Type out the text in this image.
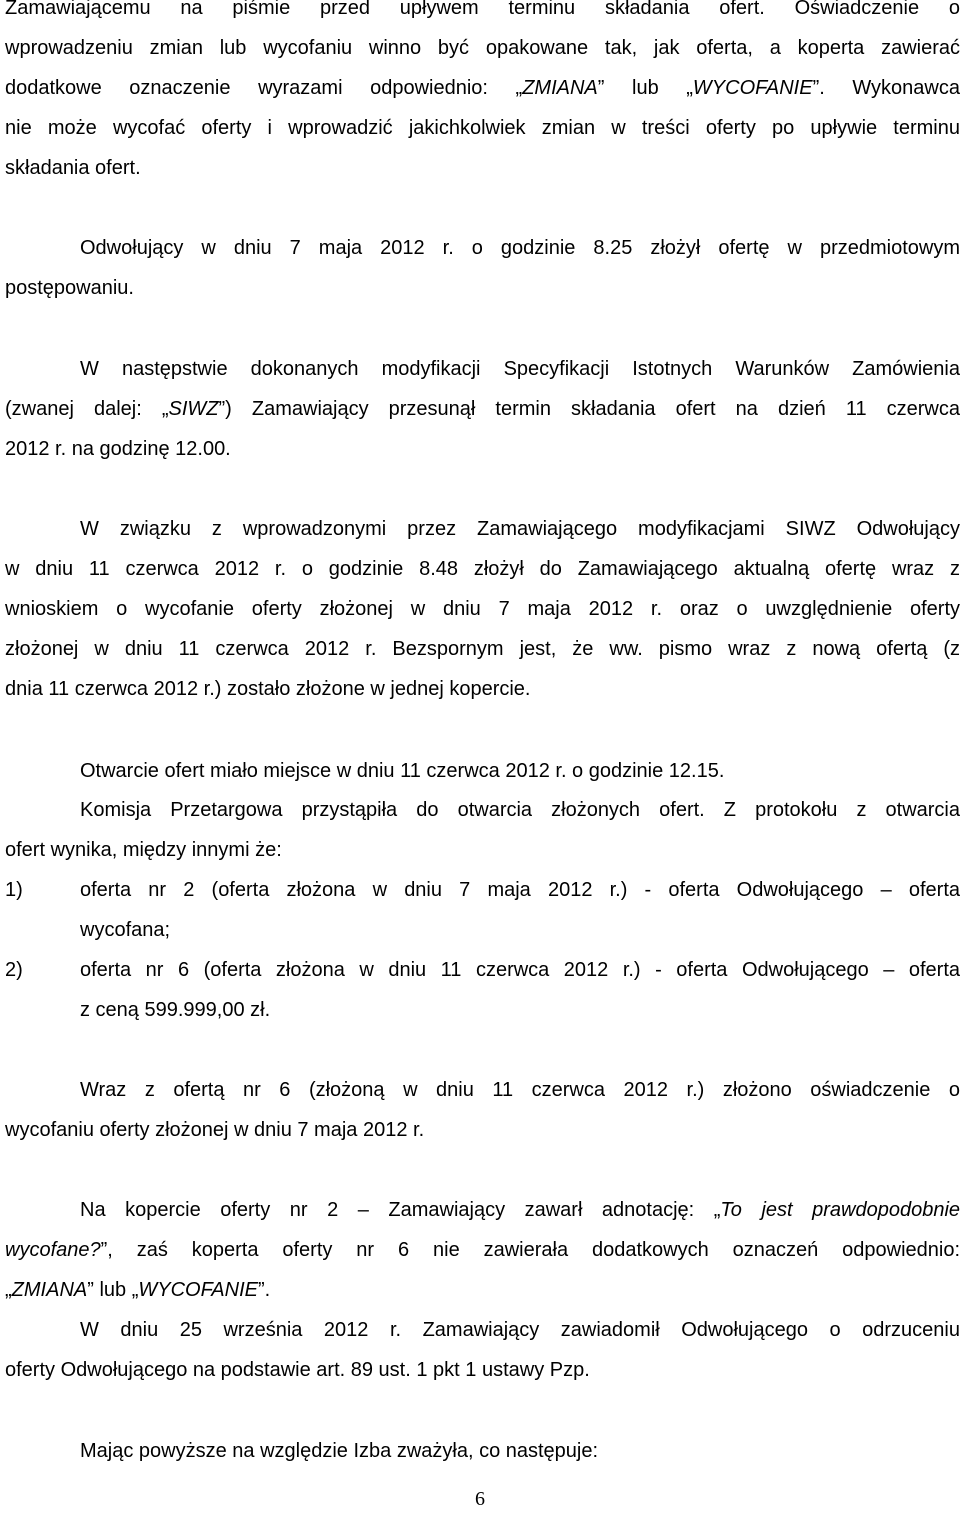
Zamawiającemu na piśmie przed upływem terminu składania ofert. Oświadczenie o
wprowadzeniu zmian lub wycofaniu winno być opakowane tak, jak oferta, a koperta zawierać
dodatkowe oznaczenie wyrazami odpowiednio: „ZMIANA” lub „WYCOFANIE”. Wykonawca
nie może wycofać oferty i wprowadzić jakichkolwiek zmian w treści oferty po upływie terminu
składania ofert.
Odwołujący w dniu 7 maja 2012 r. o godzinie 8.25 złożył ofertę w przedmiotowym
postępowaniu.
W następstwie dokonanych modyfikacji Specyfikacji Istotnych Warunków Zamówienia
(zwanej dalej: „SIWZ”) Zamawiający przesunął termin składania ofert na dzień 11 czerwca
2012 r. na godzinę 12.00.
W związku z wprowadzonymi przez Zamawiającego modyfikacjami SIWZ Odwołujący
w dniu 11 czerwca 2012 r. o godzinie 8.48 złożył do Zamawiającego aktualną ofertę wraz z
wnioskiem o wycofanie oferty złożonej w dniu 7 maja 2012 r. oraz o uwzględnienie oferty
złożonej w dniu 11 czerwca 2012 r. Bezspornym jest, że ww. pismo wraz z nową ofertą (z
dnia 11 czerwca 2012 r.) zostało złożone w jednej kopercie.
Otwarcie ofert miało miejsce w dniu 11 czerwca 2012 r. o godzinie 12.15.
Komisja Przetargowa przystąpiła do otwarcia złożonych ofert. Z protokołu z otwarcia
ofert wynika, między innymi że:
1)	oferta nr 2 (oferta złożona w dniu 7 maja 2012 r.) - oferta Odwołującego – oferta
wycofana;
2)	oferta nr 6 (oferta złożona w dniu 11 czerwca 2012 r.) - oferta Odwołującego – oferta
z ceną 599.999,00 zł.
Wraz z ofertą nr 6 (złożoną w dniu 11 czerwca 2012 r.) złożono oświadczenie o
wycofaniu oferty złożonej w dniu 7 maja 2012 r.
Na kopercie oferty nr 2 – Zamawiający zawarł adnotację: „To jest prawdopodobnie
wycofane?”, zaś koperta oferty nr 6 nie zawierała dodatkowych oznaczeń odpowiednio:
„ZMIANA” lub „WYCOFANIE”.
W dniu 25 września 2012 r. Zamawiający zawiadomił Odwołującego o odrzuceniu
oferty Odwołującego na podstawie art. 89 ust. 1 pkt 1 ustawy Pzp.
Mając powyższe na względzie Izba zważyła, co następuje:
6
